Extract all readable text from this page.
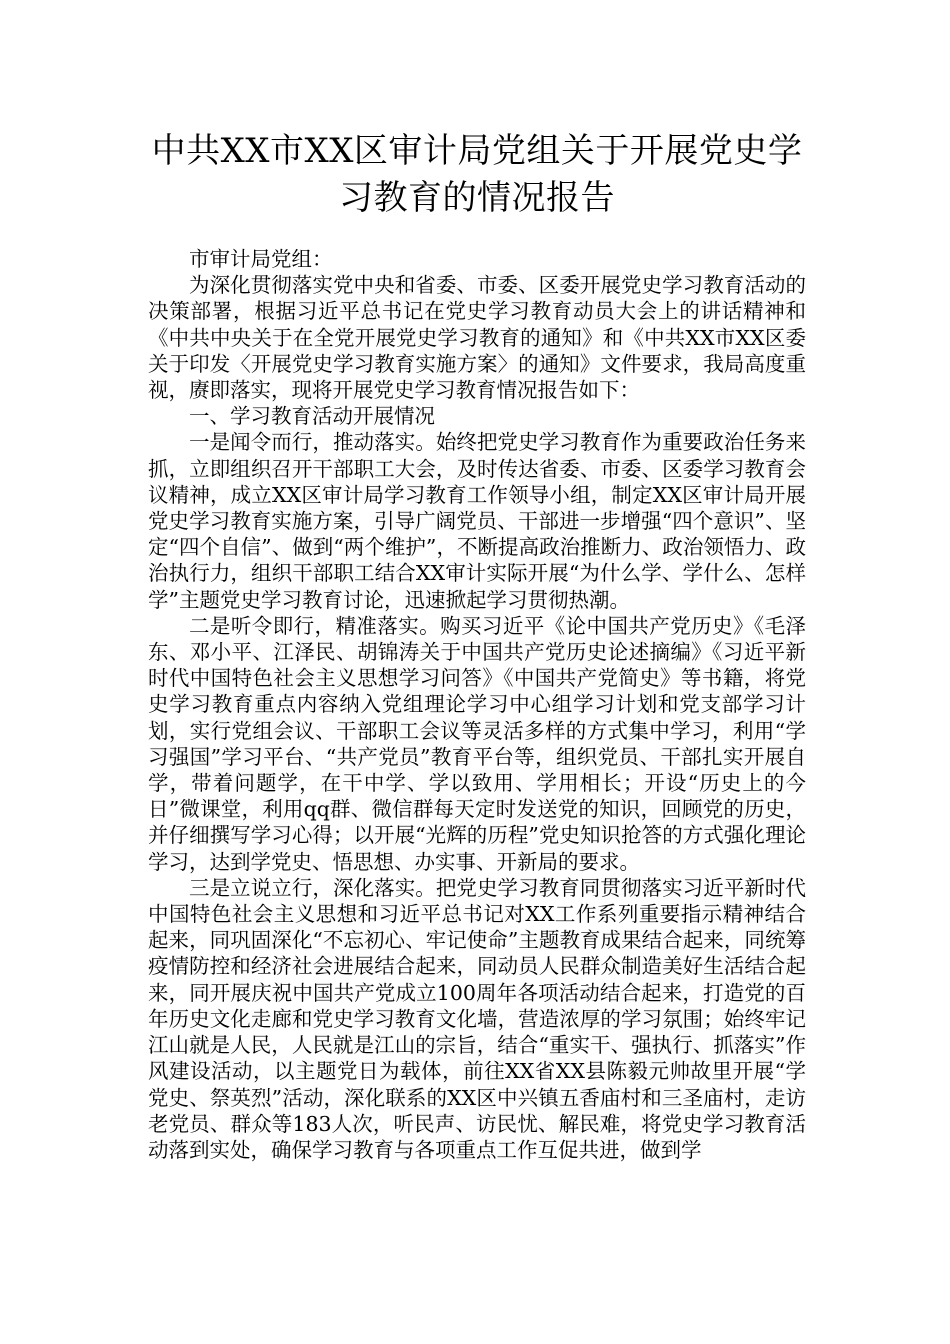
中共XX市XX区审计局党组关于开展党史学
习教育的情况报告

市审计局党组：

为深化贯彻落实党中央和省委、市委、区委开展党史学习教育活动的决策部署，根据习近平总书记在党史学习教育动员大会上的讲话精神和《中共中央关于在全党开展党史学习教育的通知》和《中共XX市XX区委关于印发〈开展党史学习教育实施方案〉的通知》文件要求，我局高度重视，赓即落实，现将开展党史学习教育情况报告如下：

一、学习教育活动开展情况

一是闻令而行，推动落实。始终把党史学习教育作为重要政治任务来抓，立即组织召开干部职工大会，及时传达省委、市委、区委学习教育会议精神，成立XX区审计局学习教育工作领导小组，制定XX区审计局开展党史学习教育实施方案，引导广阔党员、干部进一步增强“四个意识”、坚定“四个自信”、做到“两个维护”，不断提高政治推断力、政治领悟力、政治执行力，组织干部职工结合XX审计实际开展“为什么学、学什么、怎样学”主题党史学习教育讨论，迅速掀起学习贯彻热潮。

二是听令即行，精准落实。购买习近平《论中国共产党历史》《毛泽东、邓小平、江泽民、胡锦涛关于中国共产党历史论述摘编》《习近平新时代中国特色社会主义思想学习问答》《中国共产党简史》等书籍，将党史学习教育重点内容纳入党组理论学习中心组学习计划和党支部学习计划，实行党组会议、干部职工会议等灵活多样的方式集中学习，利用“学习强国”学习平台、“共产党员”教育平台等，组织党员、干部扎实开展自学，带着问题学，在干中学、学以致用、学用相长；开设“历史上的今日”微课堂，利用qq群、微信群每天定时发送党的知识，回顾党的历史，并仔细撰写学习心得；以开展“光辉的历程”党史知识抢答的方式强化理论学习，达到学党史、悟思想、办实事、开新局的要求。

三是立说立行，深化落实。把党史学习教育同贯彻落实习近平新时代中国特色社会主义思想和习近平总书记对XX工作系列重要指示精神结合起来，同巩固深化“不忘初心、牢记使命”主题教育成果结合起来，同统筹疫情防控和经济社会进展结合起来，同动员人民群众制造美好生活结合起来，同开展庆祝中国共产党成立100周年各项活动结合起来，打造党的百年历史文化走廊和党史学习教育文化墙，营造浓厚的学习氛围；始终牢记江山就是人民，人民就是江山的宗旨，结合“重实干、强执行、抓落实”作风建设活动，以主题党日为载体，前往XX省XX县陈毅元帅故里开展“学党史、祭英烈”活动，深化联系的XX区中兴镇五香庙村和三圣庙村，走访老党员、群众等183人次，听民声、访民忧、解民难，将党史学习教育活动落到实处，确保学习教育与各项重点工作互促共进，做到学
